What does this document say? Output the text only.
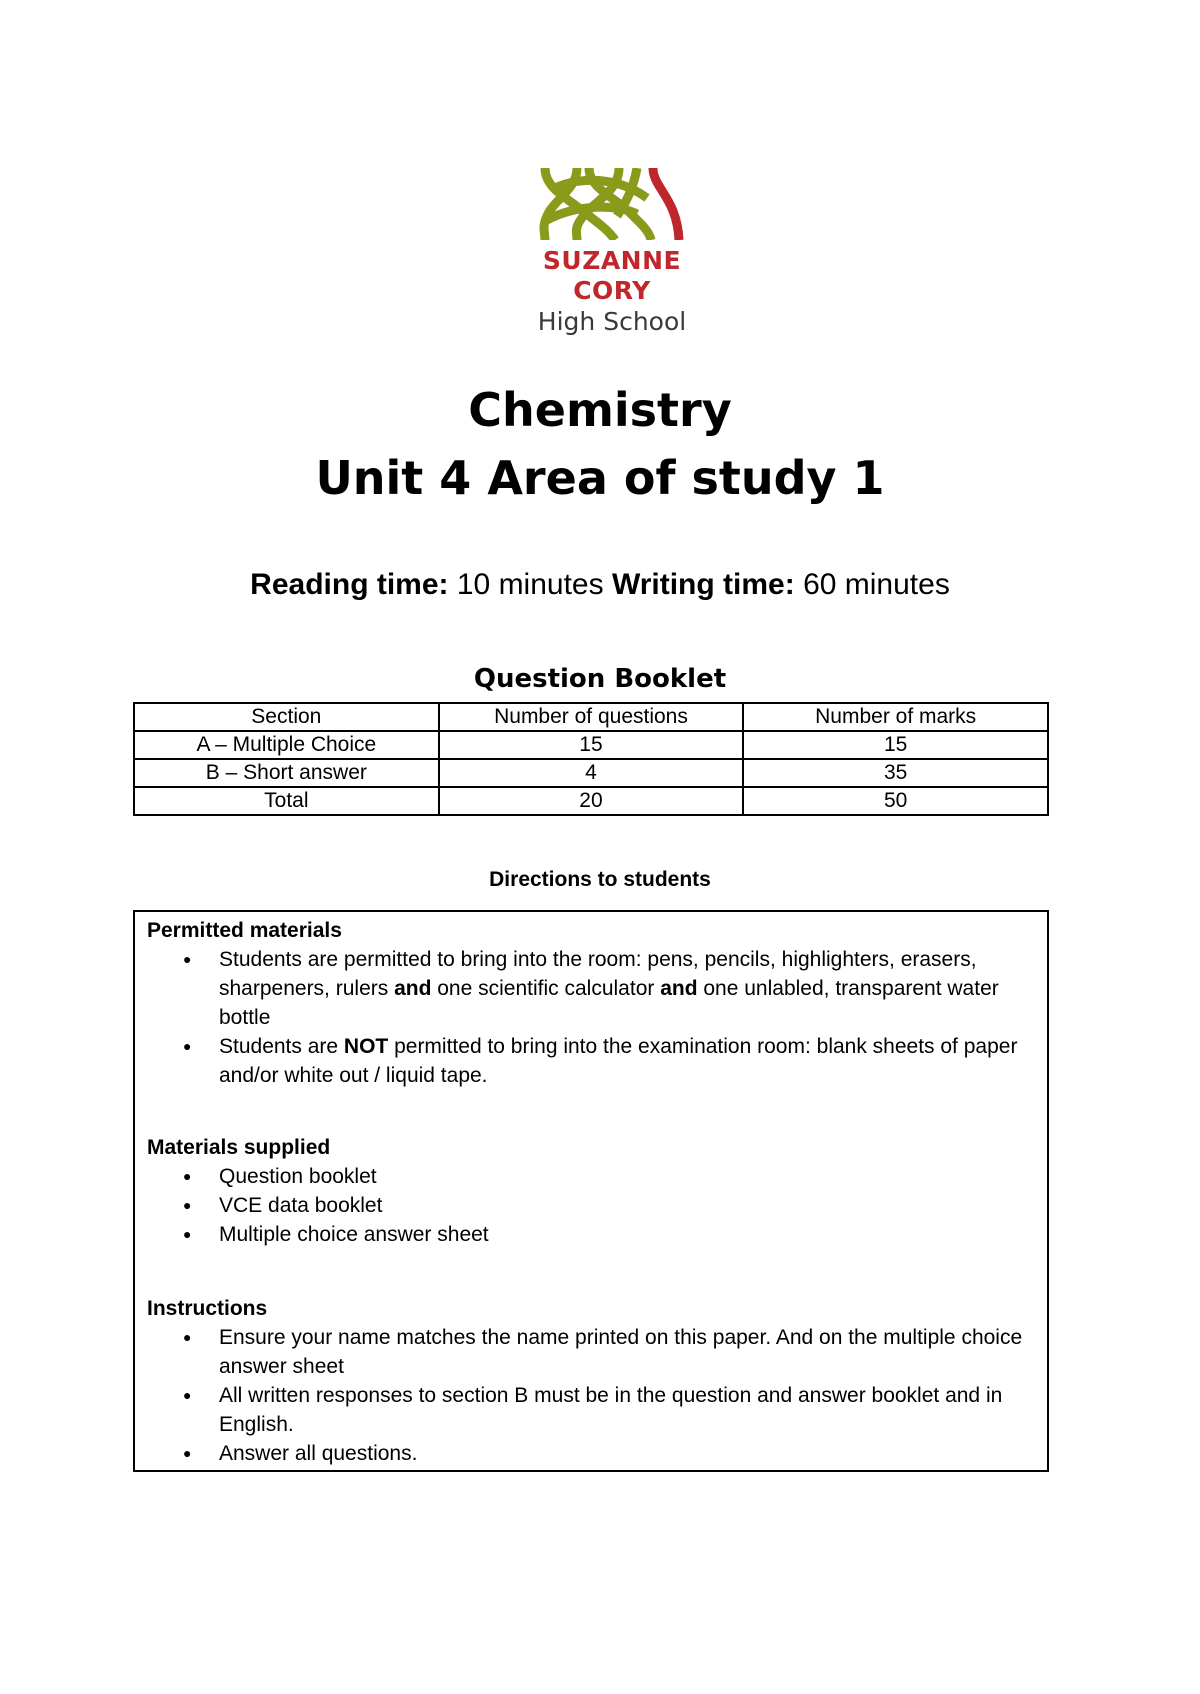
SUZANNE CORY
High School
Chemistry
Unit 4 Area of study 1
Reading time: 10 minutes Writing time: 60 minutes
Question Booklet
Section	Number of questions	Number of marks
A – Multiple Choice	15	15
B – Short answer	4	35
Total	20	50
Directions to students
Permitted materials
● Students are permitted to bring into the room: pens, pencils, highlighters, erasers, sharpeners, rulers and one scientific calculator and one unlabled, transparent water bottle
● Students are NOT permitted to bring into the examination room: blank sheets of paper and/or white out / liquid tape.
Materials supplied
● Question booklet
● VCE data booklet
● Multiple choice answer sheet
Instructions
● Ensure your name matches the name printed on this paper. And on the multiple choice answer sheet
● All written responses to section B must be in the question and answer booklet and in English.
● Answer all questions.
